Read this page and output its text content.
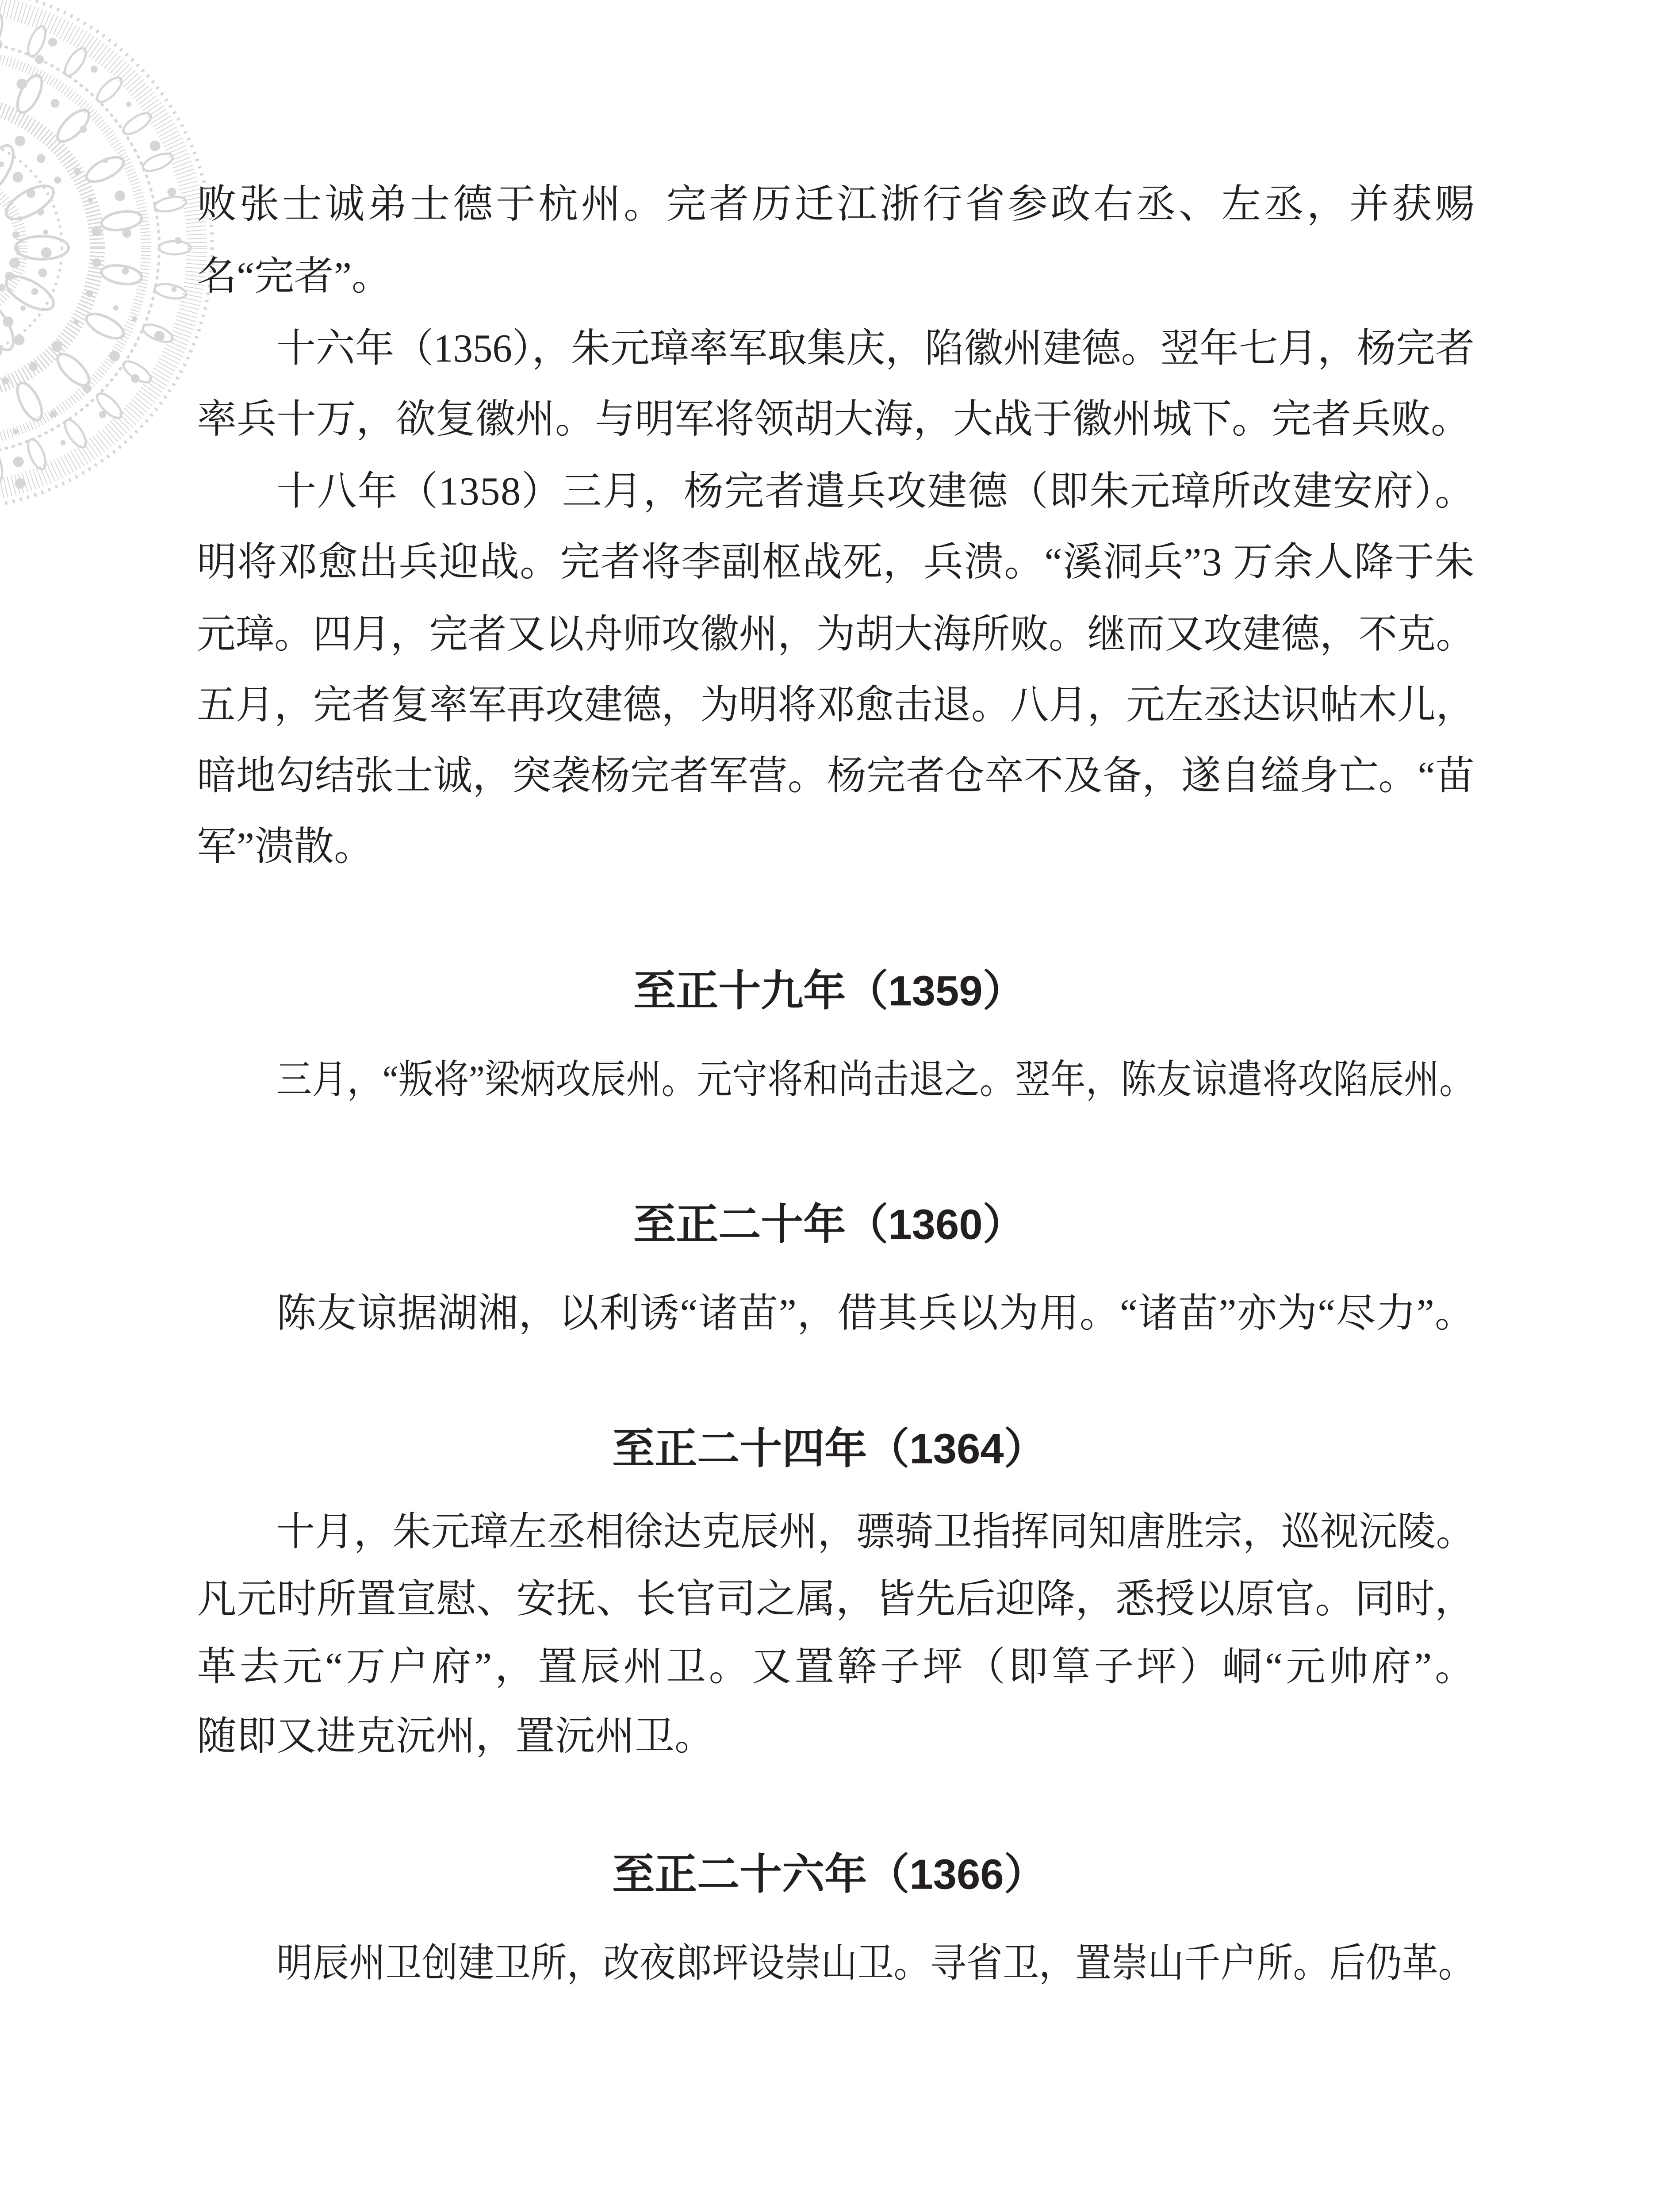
败张士诚弟士德于杭州。完者历迁江浙行省参政右丞、左丞，并获赐
名“完者”。
十六年（1356），朱元璋率军取集庆，陷徽州建德。翌年七月，杨完者
率兵十万，欲复徽州。与明军将领胡大海，大战于徽州城下。完者兵败。
十八年（1358）三月，杨完者遣兵攻建德（即朱元璋所改建安府）。
明将邓愈出兵迎战。完者将李副枢战死，兵溃。“溪洞兵”3 万余人降于朱
元璋。四月，完者又以舟师攻徽州，为胡大海所败。继而又攻建德，不克。
五月，完者复率军再攻建德，为明将邓愈击退。八月，元左丞达识帖木儿，
暗地勾结张士诚，突袭杨完者军营。杨完者仓卒不及备，遂自缢身亡。“苗
军”溃散。
至正十九年（1359）
三月，“叛将”梁炳攻辰州。元守将和尚击退之。翌年，陈友谅遣将攻陷辰州。
至正二十年（1360）
陈友谅据湖湘，以利诱“诸苗”，借其兵以为用。“诸苗”亦为“尽力”。
至正二十四年（1364）
十月，朱元璋左丞相徐达克辰州，骠骑卫指挥同知唐胜宗，巡视沅陵。
凡元时所置宣慰、安抚、长官司之属，皆先后迎降，悉授以原官。同时，
革去元“万户府”，置辰州卫。又置簳子坪（即筸子坪）峒“元帅府”。
随即又进克沅州，置沅州卫。
至正二十六年（1366）
明辰州卫创建卫所，改夜郎坪设崇山卫。寻省卫，置崇山千户所。后仍革。
